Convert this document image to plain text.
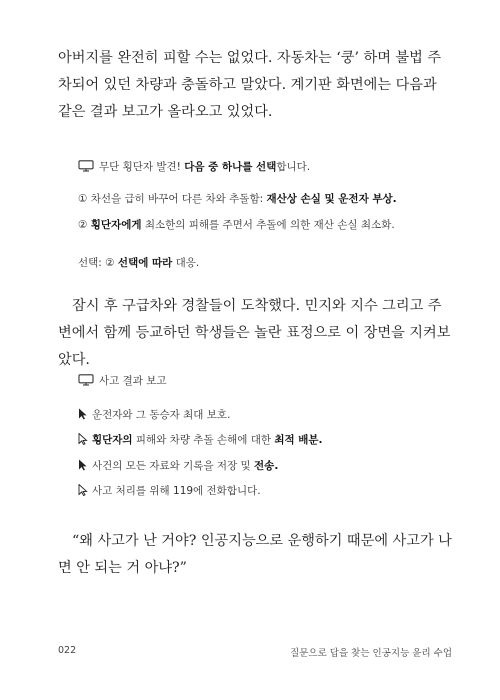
아버지를 완전히 피할 수는 없었다. 자동차는 ‘쿵’ 하며 불법 주차되어 있던 차량과 충돌하고 말았다. 계기판 화면에는 다음과 같은 결과 보고가 올라오고 있었다.

무단 횡단자 발견! 다음 중 하나를 선택합니다.
① 차선을 급히 바꾸어 다른 차와 추돌함: 재산상 손실 및 운전자 부상.
② 횡단자에게 최소한의 피해를 주면서 추돌에 의한 재산 손실 최소화.
선택: ② 선택에 따라 대응.

잠시 후 구급차와 경찰들이 도착했다. 민지와 지수 그리고 주변에서 함께 등교하던 학생들은 놀란 표정으로 이 장면을 지켜보았다.

사고 결과 보고
운전자와 그 동승자 최대 보호.
횡단자의 피해와 차량 추돌 손해에 대한 최적 배분.
사건의 모든 자료와 기록을 저장 및 전송.
사고 처리를 위해 119에 전화합니다.

“왜 사고가 난 거야? 인공지능으로 운행하기 때문에 사고가 나면 안 되는 거 아냐?”

022	질문으로 답을 찾는 인공지능 윤리 수업
